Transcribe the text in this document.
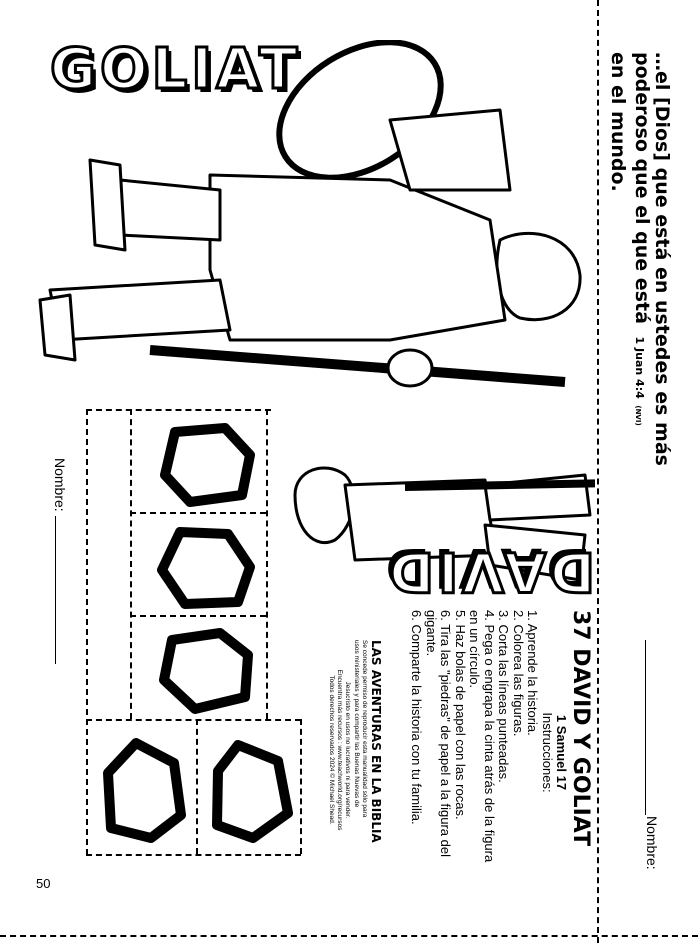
GOLIAT
DAVID
…el [Dios] que está en ustedes es más
poderoso que el que está 1 Juan 4:4 (NVI)
en el mundo.
37 DAVID Y GOLIAT
1 Samuel 17
Instrucciones:
1. Aprende la historia.
2. Colorea las figuras.
3. Corta las líneas punteadas.
4. Pega o engrapa la cinta atrás de la figura
en un círculo.
5. Haz bolas de papel con las rocas.
6. Tira las "piedras" de papel a la figura del
gigante.
6. Comparte la historia con tu familia.
LAS AVENTURAS EN LA BIBLIA
Se concede permiso de reproducir esta manualidad sólo para
usos ministeriales y para compartir las Buenas Nuevas de
Jesucristo en usos no lucrativos ni para vender.
Encuentra más recursos : www.teachworld.org/recursos
Todos derechos reservados 2024 © Michael Shead.
Nombre:
Nombre:
50
